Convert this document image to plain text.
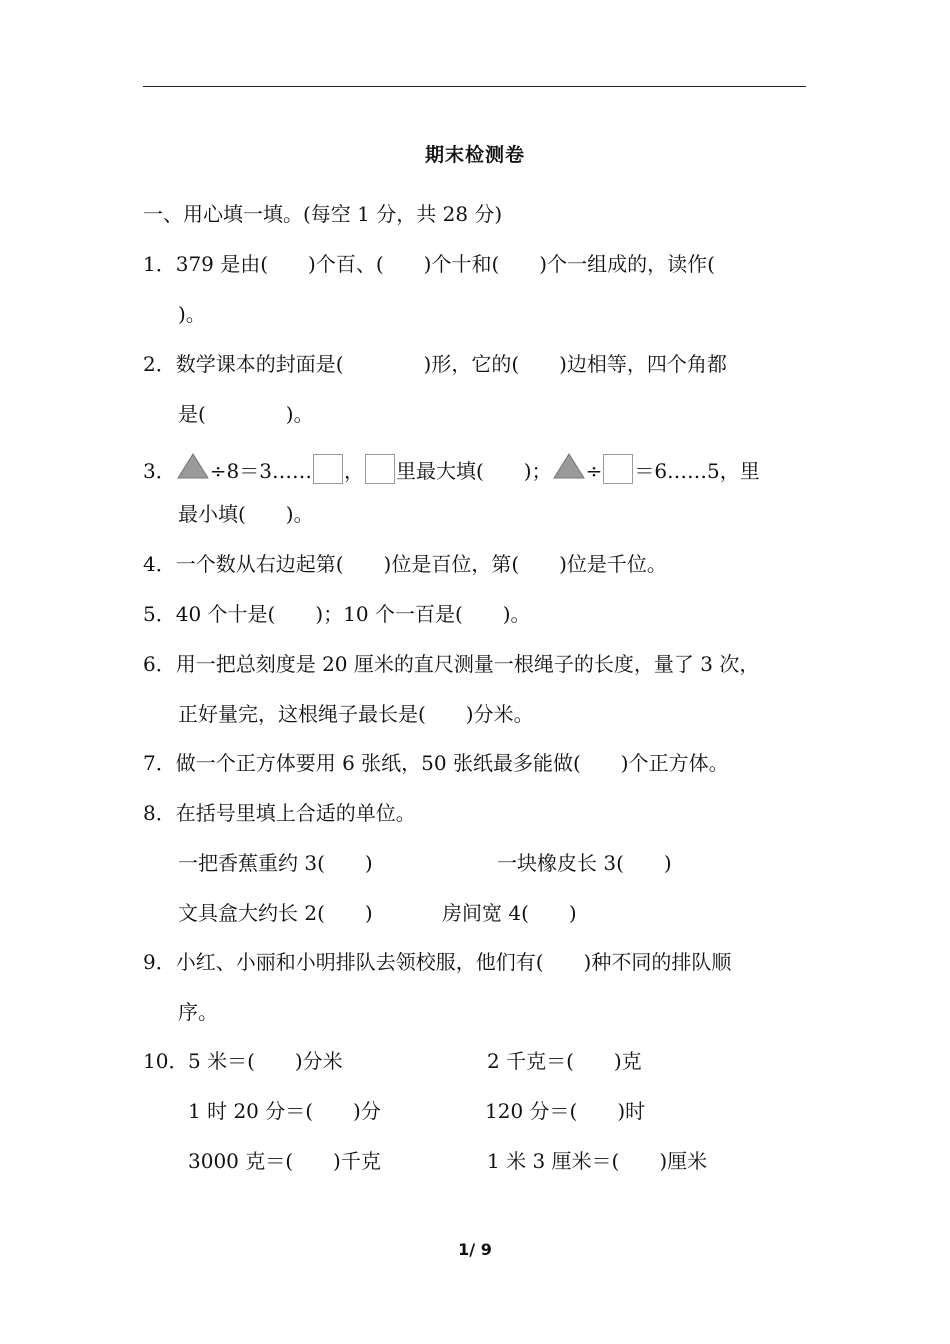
期末检测卷
一、用心填一填。(每空 1 分，共 28 分)
1．379 是由(　　)个百、(　　)个十和(　　)个一组成的，读作(
)。
2．数学课本的封面是(　　　　)形，它的(　　)边相等，四个角都
是(　　　　)。
3． ÷8＝3…… ， 里最大填(　　)； ÷ ＝6……5，里
最小填(　　)。
4．一个数从右边起第(　　)位是百位，第(　　)位是千位。
5．40 个十是(　　)；10 个一百是(　　)。
6．用一把总刻度是 20 厘米的直尺测量一根绳子的长度，量了 3 次，
正好量完，这根绳子最长是(　　)分米。
7．做一个正方体要用 6 张纸，50 张纸最多能做(　　)个正方体。
8．在括号里填上合适的单位。
一把香蕉重约 3(　　)	一块橡皮长 3(　　)
文具盒大约长 2(　　)	房间宽 4(　　)
9．小红、小丽和小明排队去领校服，他们有(　　)种不同的排队顺
序。
10． 5 米＝(　　)分米	2 千克＝(　　)克
1 时 20 分＝(　　)分	120 分＝(　　)时
3000 克＝(　　)千克	1 米 3 厘米＝(　　)厘米
1/ 9
